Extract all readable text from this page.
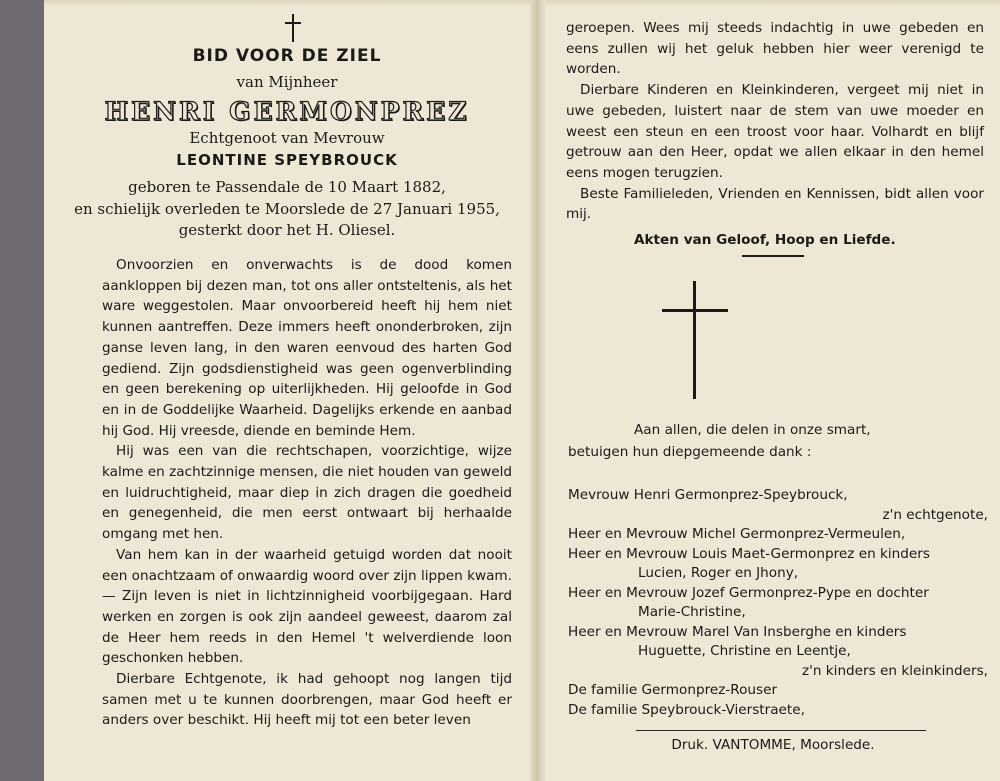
BID VOOR DE ZIEL
van Mijnheer
HENRI GERMONPREZ
Echtgenoot van Mevrouw
LEONTINE SPEYBROUCK
geboren te Passendale de 10 Maart 1882,
en schielijk overleden te Moorslede de 27 Januari 1955,
gesterkt door het H. Oliesel.

Onvoorzien en onverwachts is de dood komen aankloppen bij dezen man, tot ons aller ontsteltenis, als het ware weggestolen. Maar onvoorbereid heeft hij hem niet kunnen aantreffen. Deze immers heeft ononderbroken, zijn ganse leven lang, in den waren eenvoud des harten God gediend. Zijn godsdienstigheid was geen ogenverblinding en geen berekening op uiterlijkheden. Hij geloofde in God en in de Goddelijke Waarheid. Dagelijks erkende en aanbad hij God. Hij vreesde, diende en beminde Hem.

Hij was een van die rechtschapen, voorzichtige, wijze kalme en zachtzinnige mensen, die niet houden van geweld en luidruchtigheid, maar diep in zich dragen die goedheid en genegenheid, die men eerst ontwaart bij herhaalde omgang met hen.

Van hem kan in der waarheid getuigd worden dat nooit een onachtzaam of onwaardig woord over zijn lippen kwam. — Zijn leven is niet in lichtzinnigheid voorbijgegaan. Hard werken en zorgen is ook zijn aandeel geweest, daarom zal de Heer hem reeds in den Hemel 't welverdiende loon geschonken hebben.

Dierbare Echtgenote, ik had gehoopt nog langen tijd samen met u te kunnen doorbrengen, maar God heeft er anders over beschikt. Hij heeft mij tot een beter leven

geroepen. Wees mij steeds indachtig in uwe gebeden en eens zullen wij het geluk hebben hier weer verenigd te worden.

Dierbare Kinderen en Kleinkinderen, vergeet mij niet in uwe gebeden, luistert naar de stem van uwe moeder en weest een steun en een troost voor haar. Volhardt en blijf getrouw aan den Heer, opdat we allen elkaar in den hemel eens mogen terugzien.

Beste Familieleden, Vrienden en Kennissen, bidt allen voor mij.

Akten van Geloof, Hoop en Liefde.
Aan allen, die delen in onze smart,
betuigen hun diepgemeende dank :
Mevrouw Henri Germonprez-Speybrouck,
z'n echtgenote,
Heer en Mevrouw Michel Germonprez-Vermeulen,
Heer en Mevrouw Louis Maet-Germonprez en kinders
Lucien, Roger en Jhony,
Heer en Mevrouw Jozef Germonprez-Pype en dochter
Marie-Christine,
Heer en Mevrouw Marel Van Insberghe en kinders
Huguette, Christine en Leentje,
z'n kinders en kleinkinders,
De familie Germonprez-Rouser
De familie Speybrouck-Vierstraete,
Druk. VANTOMME, Moorslede.
